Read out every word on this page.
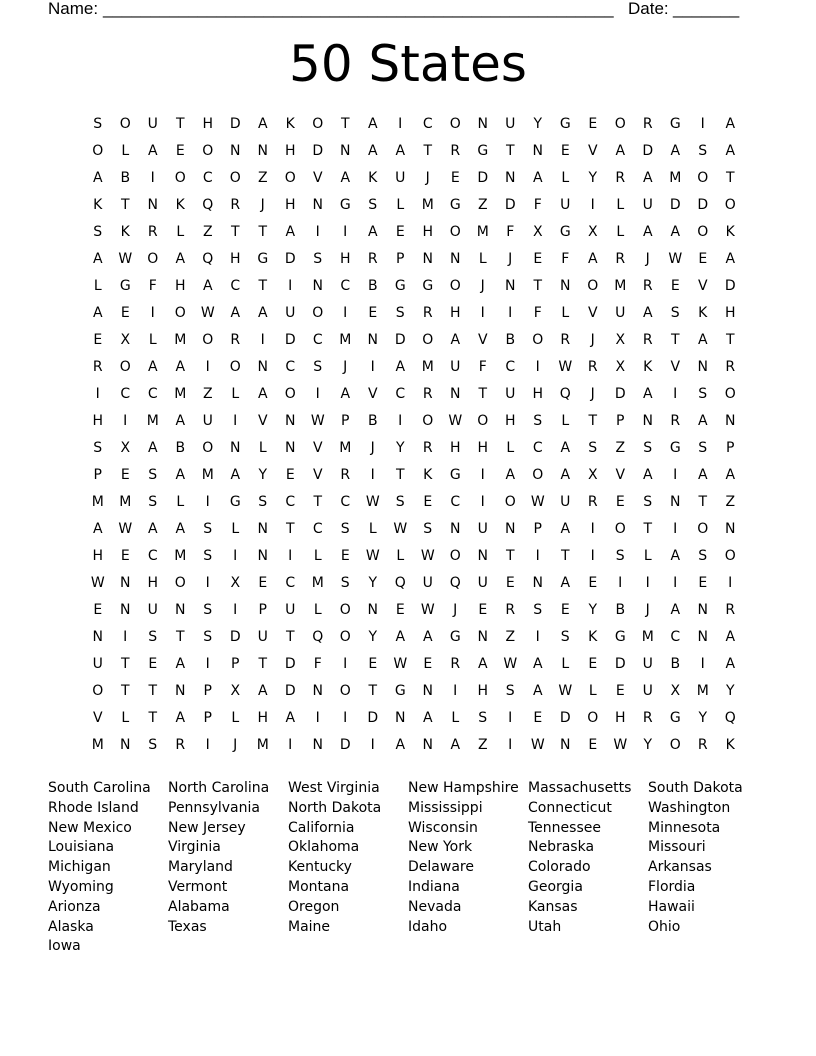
Name: ______________________________________________________ Date: _______
50 States
S	O	U	T	H	D	A	K	O	T	A	I	C	O	N	U	Y	G	E	O	R	G	I	A
O	L	A	E	O	N	N	H	D	N	A	A	T	R	G	T	N	E	V	A	D	A	S	A
A	B	I	O	C	O	Z	O	V	A	K	U	J	E	D	N	A	L	Y	R	A	M	O	T
K	T	N	K	Q	R	J	H	N	G	S	L	M	G	Z	D	F	U	I	L	U	D	D	O
S	K	R	L	Z	T	T	A	I	I	A	E	H	O	M	F	X	G	X	L	A	A	O	K
A	W	O	A	Q	H	G	D	S	H	R	P	N	N	L	J	E	F	A	R	J	W	E	A
L	G	F	H	A	C	T	I	N	C	B	G	G	O	J	N	T	N	O	M	R	E	V	D
A	E	I	O	W	A	A	U	O	I	E	S	R	H	I	I	F	L	V	U	A	S	K	H
E	X	L	M	O	R	I	D	C	M	N	D	O	A	V	B	O	R	J	X	R	T	A	T
R	O	A	A	I	O	N	C	S	J	I	A	M	U	F	C	I	W	R	X	K	V	N	R
I	C	C	M	Z	L	A	O	I	A	V	C	R	N	T	U	H	Q	J	D	A	I	S	O
H	I	M	A	U	I	V	N	W	P	B	I	O	W	O	H	S	L	T	P	N	R	A	N
S	X	A	B	O	N	L	N	V	M	J	Y	R	H	H	L	C	A	S	Z	S	G	S	P
P	E	S	A	M	A	Y	E	V	R	I	T	K	G	I	A	O	A	X	V	A	I	A	A
M	M	S	L	I	G	S	C	T	C	W	S	E	C	I	O	W	U	R	E	S	N	T	Z
A	W	A	A	S	L	N	T	C	S	L	W	S	N	U	N	P	A	I	O	T	I	O	N
H	E	C	M	S	I	N	I	L	E	W	L	W	O	N	T	I	T	I	S	L	A	S	O
W	N	H	O	I	X	E	C	M	S	Y	Q	U	Q	U	E	N	A	E	I	I	I	E	I
E	N	U	N	S	I	P	U	L	O	N	E	W	J	E	R	S	E	Y	B	J	A	N	R
N	I	S	T	S	D	U	T	Q	O	Y	A	A	G	N	Z	I	S	K	G	M	C	N	A
U	T	E	A	I	P	T	D	F	I	E	W	E	R	A	W	A	L	E	D	U	B	I	A
O	T	T	N	P	X	A	D	N	O	T	G	N	I	H	S	A	W	L	E	U	X	M	Y
V	L	T	A	P	L	H	A	I	I	D	N	A	L	S	I	E	D	O	H	R	G	Y	Q
M	N	S	R	I	J	M	I	N	D	I	A	N	A	Z	I	W	N	E	W	Y	O	R	K
South Carolina
Rhode Island
New Mexico
Louisiana
Michigan
Wyoming
Arionza
Alaska
Iowa
North Carolina
Pennsylvania
New Jersey
Virginia
Maryland
Vermont
Alabama
Texas
West Virginia
North Dakota
California
Oklahoma
Kentucky
Montana
Oregon
Maine
New Hampshire
Mississippi
Wisconsin
New York
Delaware
Indiana
Nevada
Idaho
Massachusetts
Connecticut
Tennessee
Nebraska
Colorado
Georgia
Kansas
Utah
South Dakota
Washington
Minnesota
Missouri
Arkansas
Flordia
Hawaii
Ohio
